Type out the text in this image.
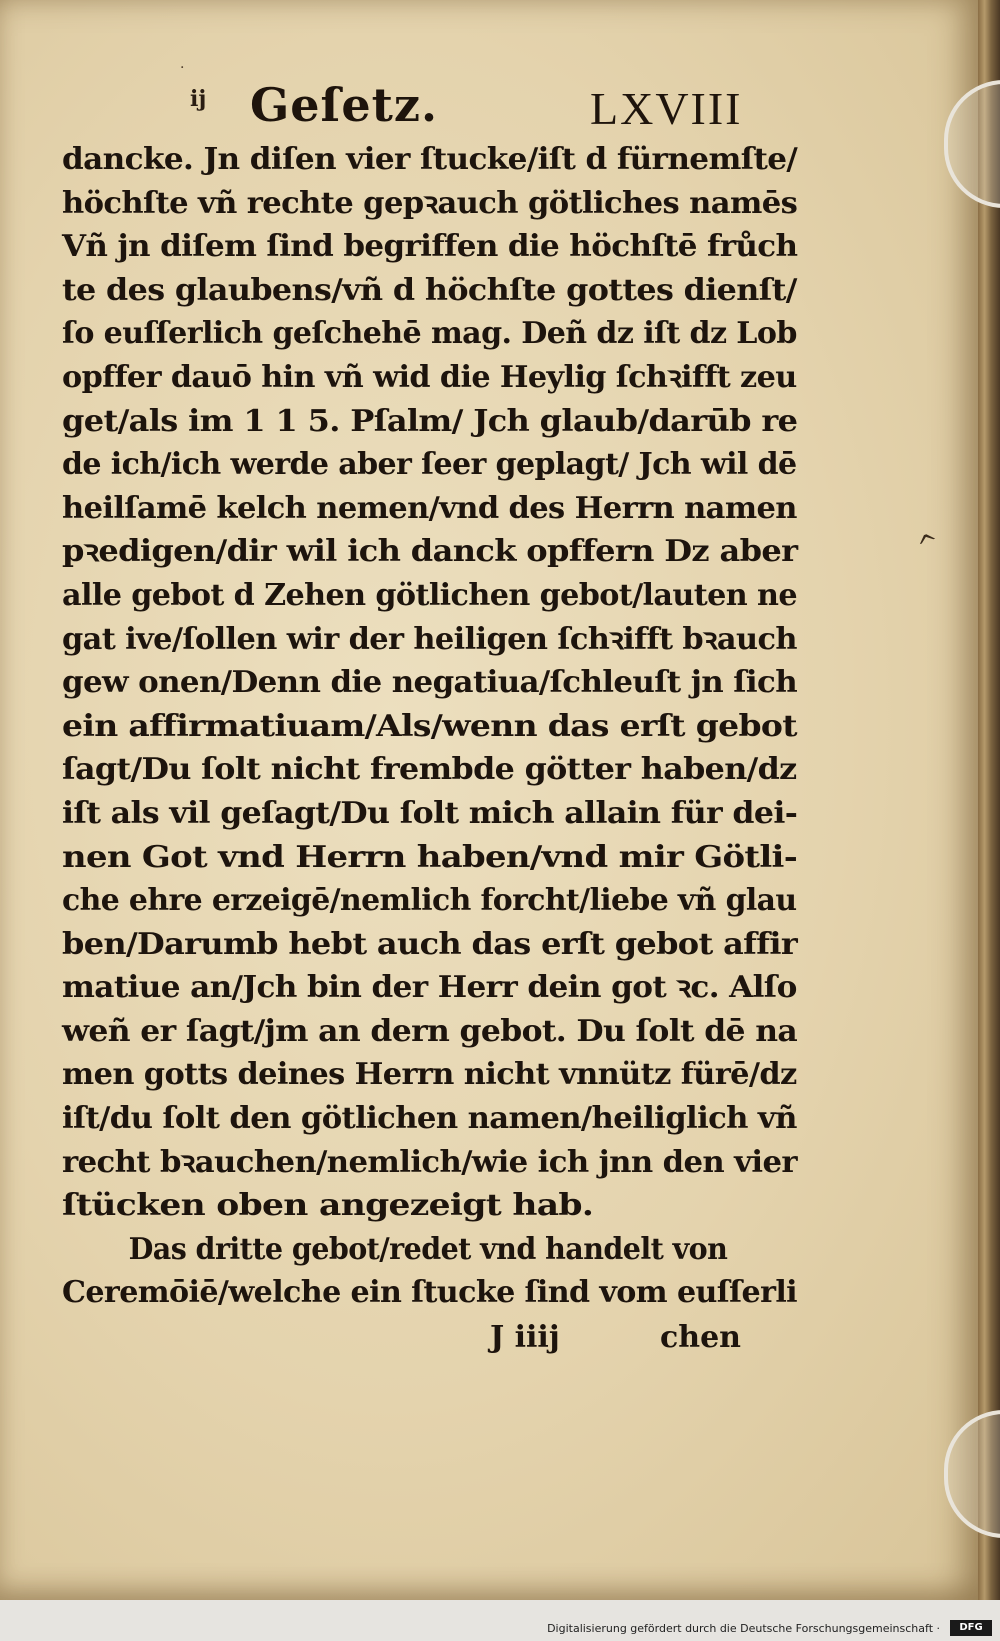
·
ij Geſetz.	LXVIII
dancke. Jn diſen vier ſtucke/iſt d fürnemſte/
höchſte vñ rechte gepꝛauch götliches namēs
Vñ jn diſem ſind begriffen die höchſtē frůch
te des glaubens/vñ d höchſte gottes dienſt/
ſo euſſerlich geſchehē mag. Deñ dz iſt dz Lob
opffer dauō hin vñ wid die Heylig ſchꝛifft zeu
get/als im 1 1 5. Pſalm/ Jch glaub/darūb re
de ich/ich werde aber ſeer geplagt/ Jch wil dē
heilſamē kelch nemen/vnd des Herrn namen
pꝛedigen/dir wil ich danck opffern Dz aber
alle gebot d Zehen götlichen gebot/lauten ne
gat ive/ſollen wir der heiligen ſchꝛifft bꝛauch
gew onen/Denn die negatiua/ſchleuſt jn ſich
ein affirmatiuam/Als/wenn das erſt gebot
ſagt/Du ſolt nicht frembde götter haben/dz
iſt als vil geſagt/Du ſolt mich allain für dei-
nen Got vnd Herrn haben/vnd mir Götli-
che ehre erzeigē/nemlich forcht/liebe vñ glau
ben/Darumb hebt auch das erſt gebot affir
matiue an/Jch bin der Herr dein got ꝛc. Alſo
weñ er ſagt/jm an dern gebot. Du ſolt dē na
men gotts deines Herrn nicht vnnütz fürē/dz
iſt/du ſolt den götlichen namen/heiliglich vñ
recht bꝛauchen/nemlich/wie ich jnn den vier
ſtücken oben angezeigt hab.
Das dritte gebot/redet vnd handelt von
Ceremōiē/welche ein ſtucke ſind vom euſſerli
J iiij	chen
^
Digitalisierung gefördert durch die Deutsche Forschungsgemeinschaft ·	DFG
